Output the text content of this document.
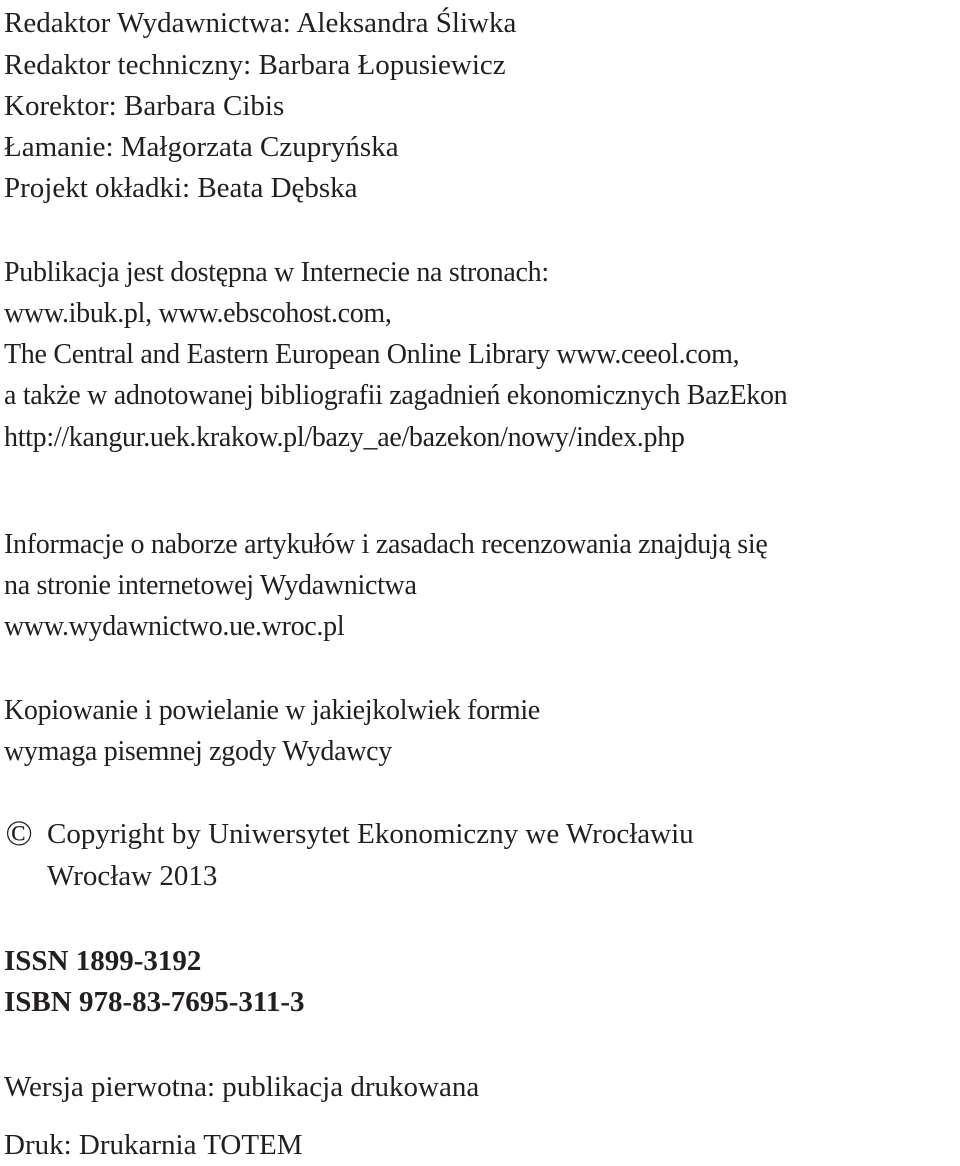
Redaktor Wydawnictwa: Aleksandra Śliwka
Redaktor techniczny: Barbara Łopusiewicz
Korektor: Barbara Cibis
Łamanie: Małgorzata Czupryńska
Projekt okładki: Beata Dębska
Publikacja jest dostępna w Internecie na stronach:
www.ibuk.pl, www.ebscohost.com,
The Central and Eastern European Online Library www.ceeol.com,
a także w adnotowanej bibliografii zagadnień ekonomicznych BazEkon
http://kangur.uek.krakow.pl/bazy_ae/bazekon/nowy/index.php
Informacje o naborze artykułów i zasadach recenzowania znajdują się
na stronie internetowej Wydawnictwa
www.wydawnictwo.ue.wroc.pl
Kopiowanie i powielanie w jakiejkolwiek formie
wymaga pisemnej zgody Wydawcy
© Copyright by Uniwersytet Ekonomiczny we Wrocławiu
Wrocław 2013
ISSN 1899-3192
ISBN 978-83-7695-311-3
Wersja pierwotna: publikacja drukowana
Druk: Drukarnia TOTEM
